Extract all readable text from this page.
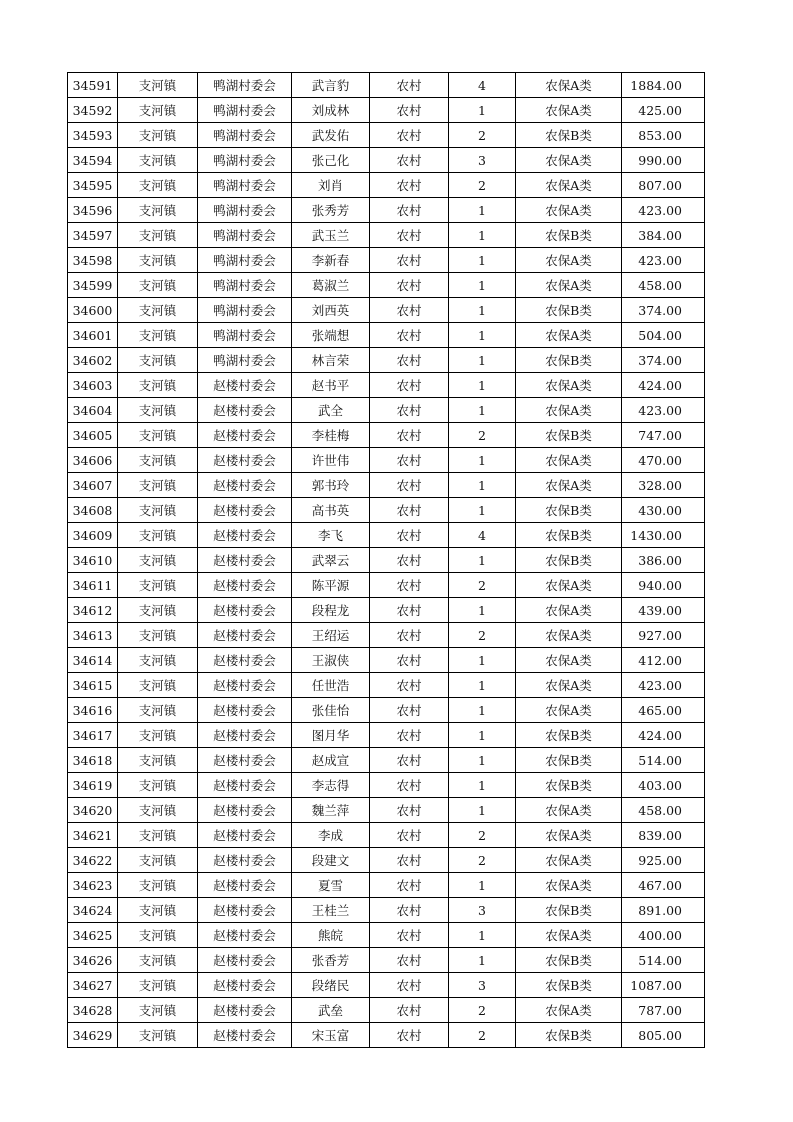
34591	支河镇	鸭湖村委会	武言豹	农村	4	农保A类	1884.00
34592	支河镇	鸭湖村委会	刘成林	农村	1	农保A类	425.00
34593	支河镇	鸭湖村委会	武发佑	农村	2	农保B类	853.00
34594	支河镇	鸭湖村委会	张己化	农村	3	农保A类	990.00
34595	支河镇	鸭湖村委会	刘肖	农村	2	农保A类	807.00
34596	支河镇	鸭湖村委会	张秀芳	农村	1	农保A类	423.00
34597	支河镇	鸭湖村委会	武玉兰	农村	1	农保B类	384.00
34598	支河镇	鸭湖村委会	李新春	农村	1	农保A类	423.00
34599	支河镇	鸭湖村委会	葛淑兰	农村	1	农保A类	458.00
34600	支河镇	鸭湖村委会	刘西英	农村	1	农保B类	374.00
34601	支河镇	鸭湖村委会	张端想	农村	1	农保A类	504.00
34602	支河镇	鸭湖村委会	林言荣	农村	1	农保B类	374.00
34603	支河镇	赵楼村委会	赵书平	农村	1	农保A类	424.00
34604	支河镇	赵楼村委会	武全	农村	1	农保A类	423.00
34605	支河镇	赵楼村委会	李桂梅	农村	2	农保B类	747.00
34606	支河镇	赵楼村委会	许世伟	农村	1	农保A类	470.00
34607	支河镇	赵楼村委会	郭书玲	农村	1	农保A类	328.00
34608	支河镇	赵楼村委会	高书英	农村	1	农保B类	430.00
34609	支河镇	赵楼村委会	李飞	农村	4	农保B类	1430.00
34610	支河镇	赵楼村委会	武翠云	农村	1	农保B类	386.00
34611	支河镇	赵楼村委会	陈平源	农村	2	农保A类	940.00
34612	支河镇	赵楼村委会	段程龙	农村	1	农保A类	439.00
34613	支河镇	赵楼村委会	王绍运	农村	2	农保A类	927.00
34614	支河镇	赵楼村委会	王淑侠	农村	1	农保A类	412.00
34615	支河镇	赵楼村委会	任世浩	农村	1	农保A类	423.00
34616	支河镇	赵楼村委会	张佳怡	农村	1	农保A类	465.00
34617	支河镇	赵楼村委会	图月华	农村	1	农保B类	424.00
34618	支河镇	赵楼村委会	赵成宣	农村	1	农保B类	514.00
34619	支河镇	赵楼村委会	李志得	农村	1	农保B类	403.00
34620	支河镇	赵楼村委会	魏兰萍	农村	1	农保A类	458.00
34621	支河镇	赵楼村委会	李成	农村	2	农保A类	839.00
34622	支河镇	赵楼村委会	段建文	农村	2	农保A类	925.00
34623	支河镇	赵楼村委会	夏雪	农村	1	农保A类	467.00
34624	支河镇	赵楼村委会	王桂兰	农村	3	农保B类	891.00
34625	支河镇	赵楼村委会	熊皖	农村	1	农保A类	400.00
34626	支河镇	赵楼村委会	张香芳	农村	1	农保B类	514.00
34627	支河镇	赵楼村委会	段绪民	农村	3	农保B类	1087.00
34628	支河镇	赵楼村委会	武垒	农村	2	农保A类	787.00
34629	支河镇	赵楼村委会	宋玉富	农村	2	农保B类	805.00
